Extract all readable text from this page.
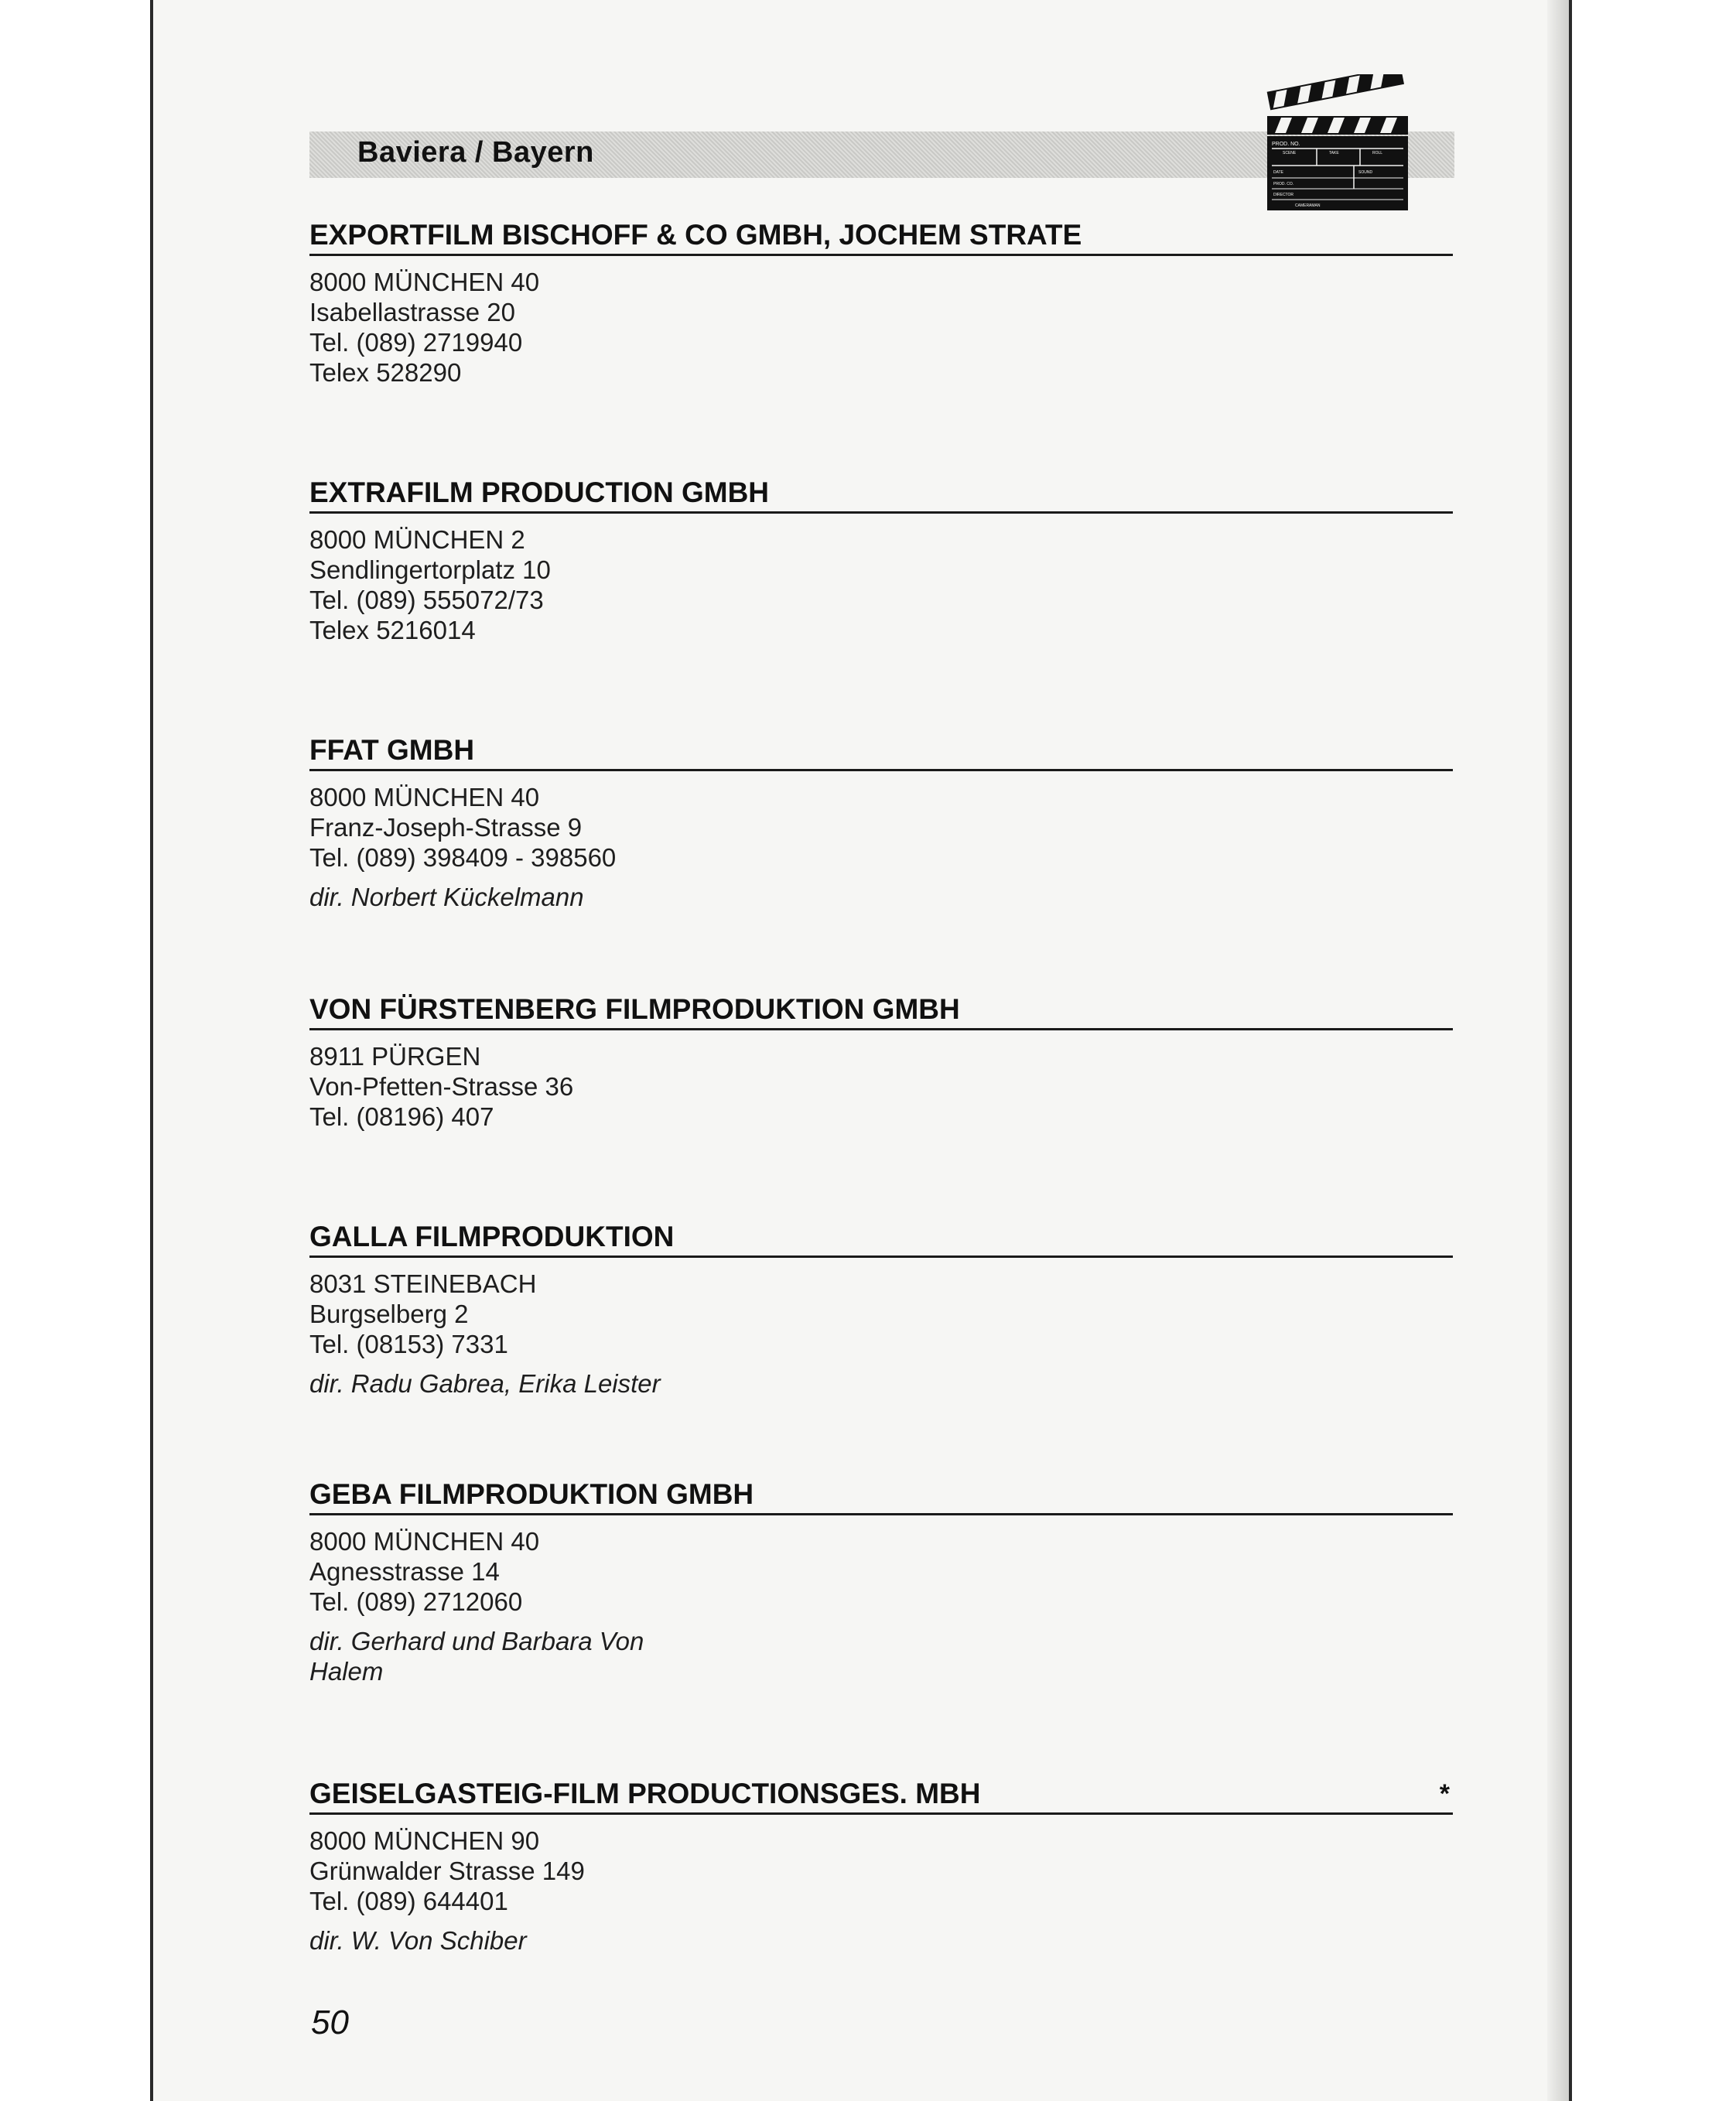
Baviera / Bayern	PROD. NO.
SCENE	TAKE	ROLL
DATE	SOUND
PROD. CO.
DIRECTOR
CAMERAMAN
EXPORTFILM BISCHOFF & CO GMBH, JOCHEM STRATE
8000 MÜNCHEN 40
Isabellastrasse 20
Tel. (089) 2719940
Telex 528290
EXTRAFILM PRODUCTION GMBH
8000 MÜNCHEN 2
Sendlingertorplatz 10
Tel. (089) 555072/73
Telex 5216014
FFAT GMBH
8000 MÜNCHEN 40
Franz-Joseph-Strasse 9
Tel. (089) 398409 - 398560
dir. Norbert Kückelmann
VON FÜRSTENBERG FILMPRODUKTION GMBH
8911 PÜRGEN
Von-Pfetten-Strasse 36
Tel. (08196) 407
GALLA FILMPRODUKTION
8031 STEINEBACH
Burgselberg 2
Tel. (08153) 7331
dir. Radu Gabrea, Erika Leister
GEBA FILMPRODUKTION GMBH
8000 MÜNCHEN 40
Agnesstrasse 14
Tel. (089) 2712060
dir. Gerhard und Barbara Von
Halem
GEISELGASTEIG-FILM PRODUCTIONSGES. MBH	*
8000 MÜNCHEN 90
Grünwalder Strasse 149
Tel. (089) 644401
dir. W. Von Schiber
50
